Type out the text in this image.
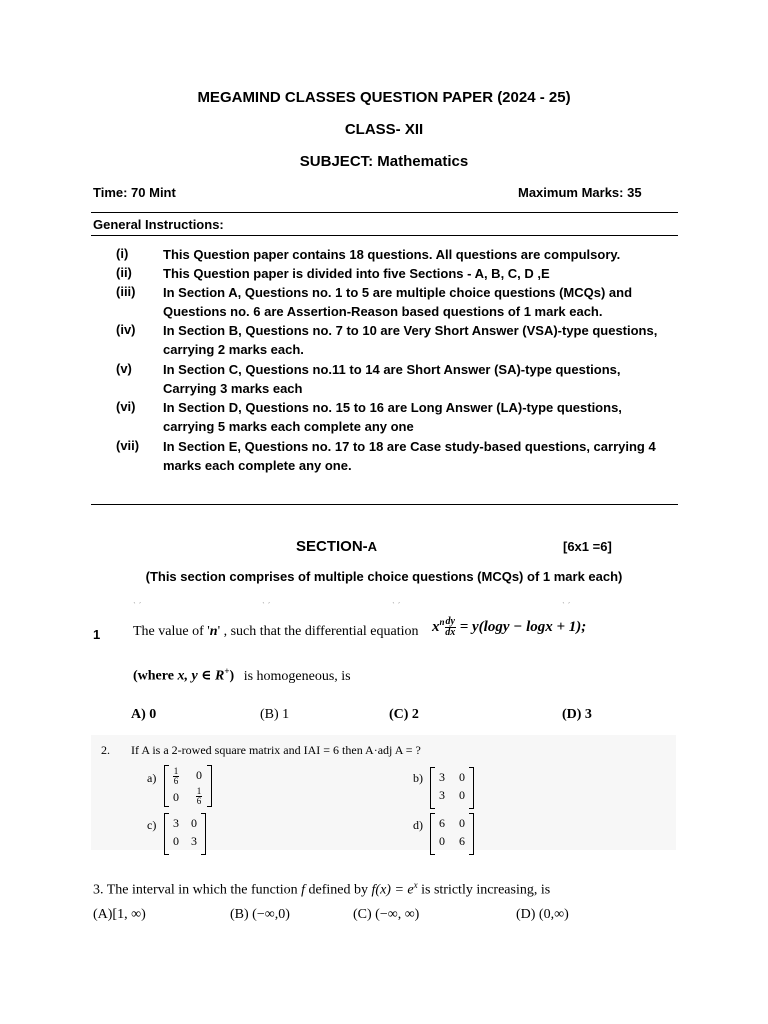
MEGAMIND CLASSES QUESTION PAPER (2024 - 25)
CLASS- XII
SUBJECT: Mathematics
Time: 70 Mint	Maximum Marks: 35
General Instructions:
(i)	This Question paper contains 18 questions. All questions are compulsory.
(ii) This Question paper is divided into five Sections - A, B, C, D ,E
(iii) In Section A, Questions no. 1 to 5 are multiple choice questions (MCQs) and
Questions no. 6 are Assertion-Reason based questions of 1 mark each.
(iv) In Section B, Questions no. 7 to 10 are Very Short Answer (VSA)-type questions,
carrying 2 marks each.
(v) In Section C, Questions no.11 to 14 are Short Answer (SA)-type questions,
Carrying 3 marks each
(vi) In Section D, Questions no. 15 to 16 are Long Answer (LA)-type questions,
carrying 5 marks each complete any one
(vii) In Section E, Questions no. 17 to 18 are Case study-based questions, carrying 4
marks each complete any one.
SECTION-A	[6x1 =6]
(This section comprises of multiple choice questions (MCQs) of 1 mark each)
ˋ ˊ	ˋ ˊ	ˋ ˊ	ˋ ˊ
1 The value of 'n' , such that the differential equation $x^n \frac{dy}{dx} = y(\log y - \log x + 1)$;
(where x, y ∈ R+) is homogeneous, is
A) 0	(B) 1	(C) 2	(D) 3
2. If A is a 2-rowed square matrix and IAI = 6 then A·adj A = ?
$a) \frac{1}{6}$	0
0	$\frac{1}{6}$
b)	3	0
3	0
c)	3	0
0	3
d)	6	0
0	6
3. The interval in which the function f defined by $f(x) = e^x$ is strictly increasing, is
(A)[1, ∞)	(B) (−∞,0)	(C) (−∞, ∞)	(D) (0,∞)
